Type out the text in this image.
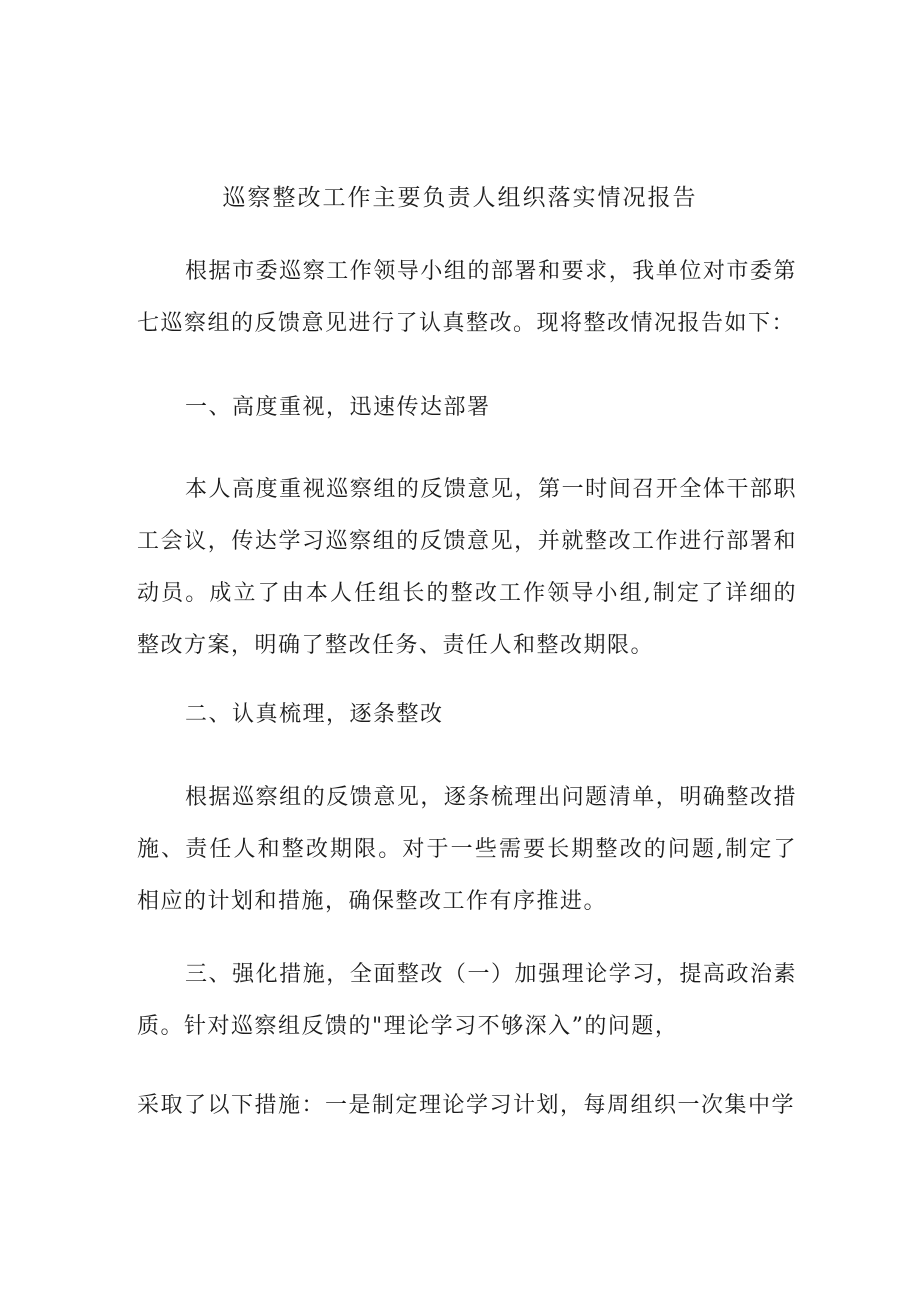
巡察整改工作主要负责人组织落实情况报告

根据市委巡察工作领导小组的部署和要求，我单位对市委第七巡察组的反馈意见进行了认真整改。现将整改情况报告如下：

一、高度重视，迅速传达部署

本人高度重视巡察组的反馈意见，第一时间召开全体干部职工会议，传达学习巡察组的反馈意见，并就整改工作进行部署和动员。成立了由本人任组长的整改工作领导小组,制定了详细的整改方案，明确了整改任务、责任人和整改期限。

二、认真梳理，逐条整改

根据巡察组的反馈意见，逐条梳理出问题清单，明确整改措施、责任人和整改期限。对于一些需要长期整改的问题,制定了相应的计划和措施，确保整改工作有序推进。

三、强化措施，全面整改（一）加强理论学习，提高政治素质。针对巡察组反馈的"理论学习不够深入”的问题，

采取了以下措施：一是制定理论学习计划，每周组织一次集中学
